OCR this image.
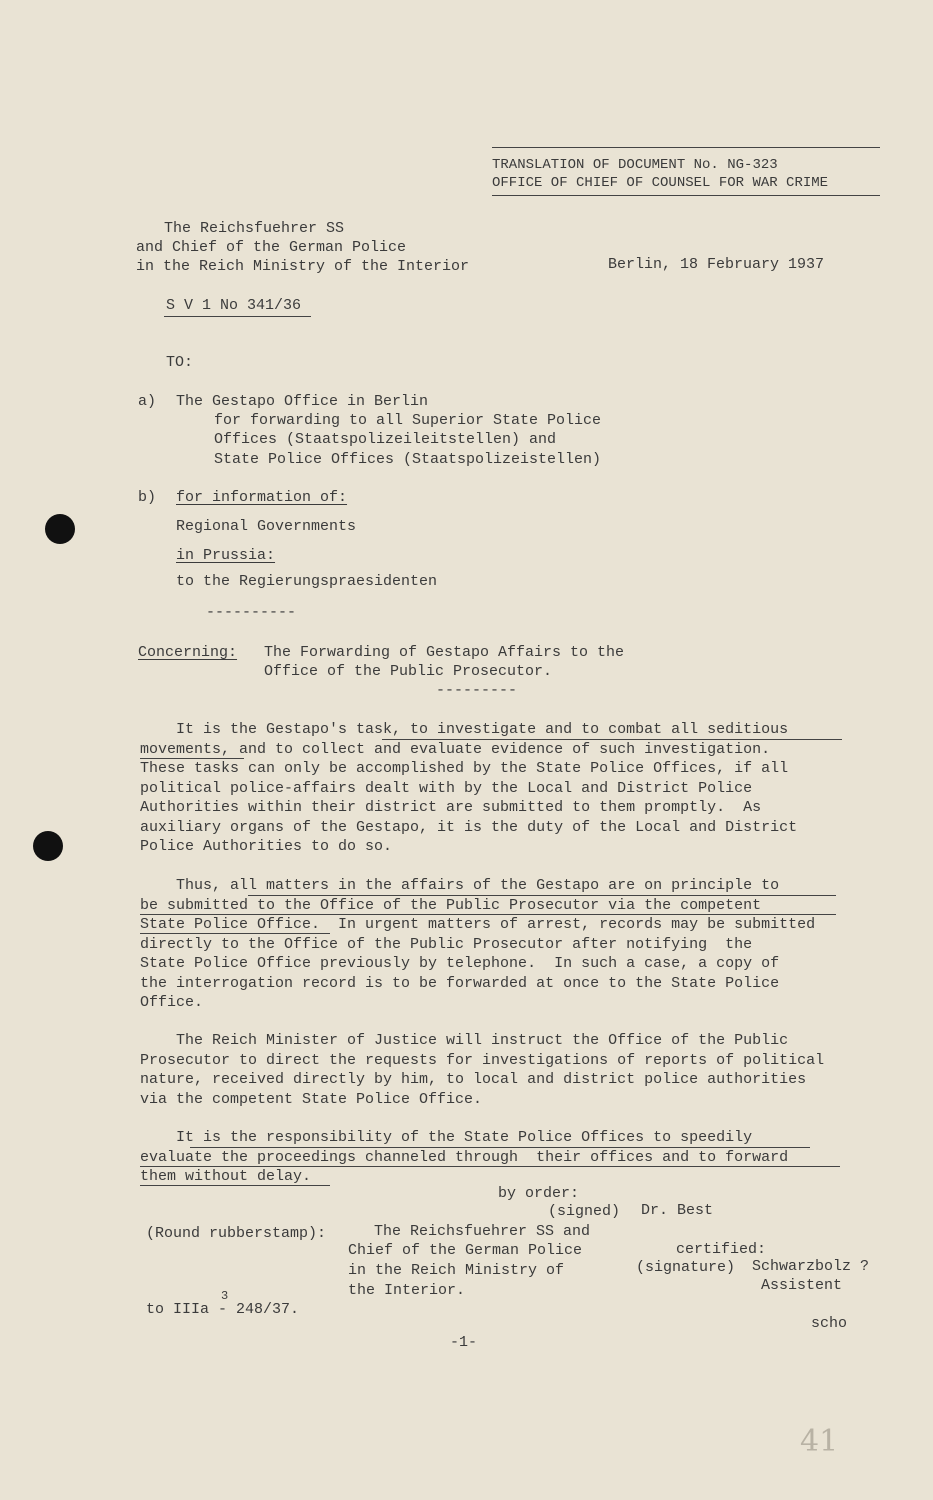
TRANSLATION OF DOCUMENT No. NG-323
OFFICE OF CHIEF OF COUNSEL FOR WAR CRIME
The Reichsfuehrer SS
and Chief of the German Police
in the Reich Ministry of the Interior	Berlin, 18 February 1937
S V 1 No 341/36
TO:
a) The Gestapo Office in Berlin
for forwarding to all Superior State Police
Offices (Staatspolizeileitstellen) and
State Police Offices (Staatspolizeistellen)
b) for information of:
Regional Governments
in Prussia:
to the Regierungspraesidenten
----------
Concerning: The Forwarding of Gestapo Affairs to the
Office of the Public Prosecutor.
---------
It is the Gestapo's task, to investigate and to combat all seditious
movements, and to collect and evaluate evidence of such investigation.
These tasks can only be accomplished by the State Police Offices, if all
political police-affairs dealt with by the Local and District Police
Authorities within their district are submitted to them promptly.  As
auxiliary organs of the Gestapo, it is the duty of the Local and District
Police Authorities to do so.
Thus, all matters in the affairs of the Gestapo are on principle to
be submitted to the Office of the Public Prosecutor via the competent
State Police Office.  In urgent matters of arrest, records may be submitted
directly to the Office of the Public Prosecutor after notifying  the
State Police Office previously by telephone.  In such a case, a copy of
the interrogation record is to be forwarded at once to the State Police
Office.
The Reich Minister of Justice will instruct the Office of the Public
Prosecutor to direct the requests for investigations of reports of political
nature, received directly by him, to local and district police authorities
via the competent State Police Office.
It is the responsibility of the State Police Offices to speedily
evaluate the proceedings channeled through  their offices and to forward
them without delay.
by order:
(signed) Dr. Best
(Round rubberstamp):	The Reichsfuehrer SS and
Chief of the German Police
in the Reich Ministry of
the Interior.
certified:
(signature) Schwarzbolz ?
Assistent
3
to IIIa - 248/37.
scho
-1-
41
